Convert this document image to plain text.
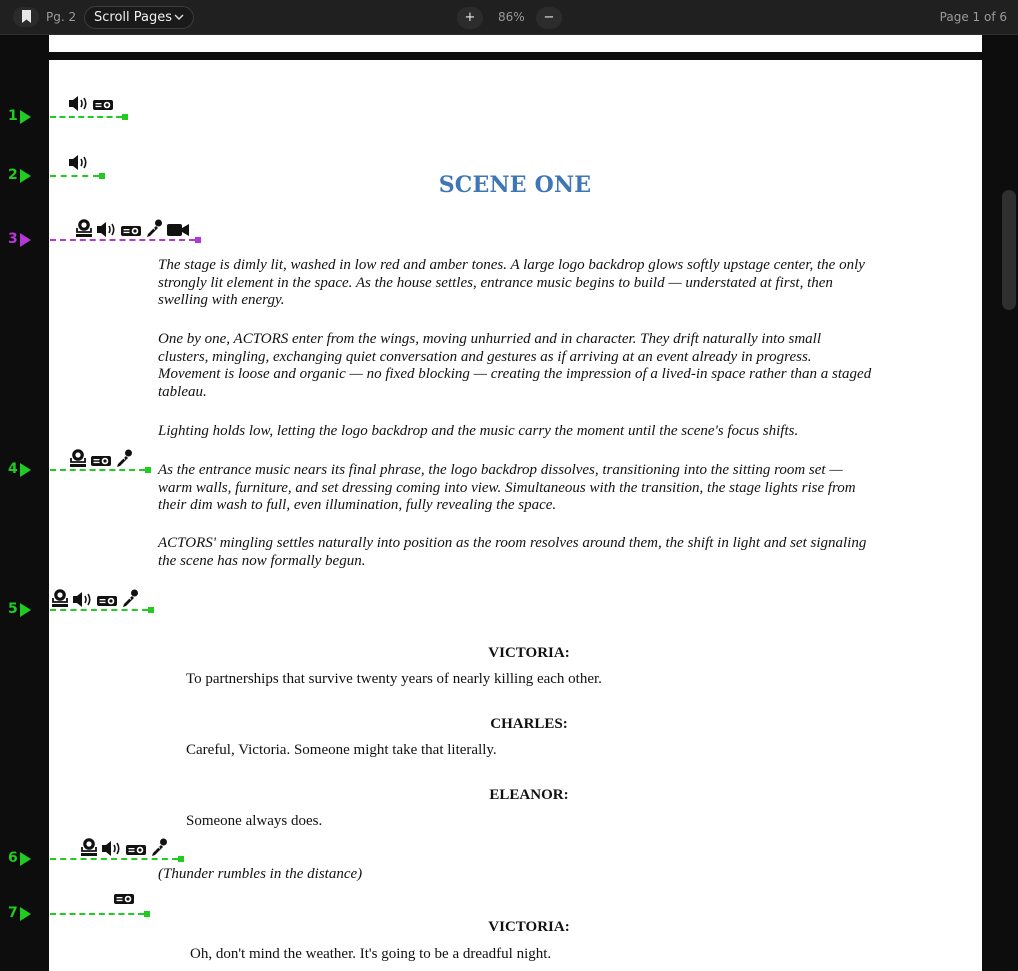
Pg. 2 Scroll Pages	+	86%	−	Page 1 of 6
1
2
3
4
5
6
7
SCENE ONE

The stage is dimly lit, washed in low red and amber tones. A large logo backdrop glows softly upstage center, the only strongly lit element in the space. As the house settles, entrance music begins to build — understated at first, then swelling with energy.

One by one, ACTORS enter from the wings, moving unhurried and in character. They drift naturally into small clusters, mingling, exchanging quiet conversation and gestures as if arriving at an event already in progress. Movement is loose and organic — no fixed blocking — creating the impression of a lived-in space rather than a staged tableau.

Lighting holds low, letting the logo backdrop and the music carry the moment until the scene's focus shifts.

As the entrance music nears its final phrase, the logo backdrop dissolves, transitioning into the sitting room set — warm walls, furniture, and set dressing coming into view. Simultaneous with the transition, the stage lights rise from their dim wash to full, even illumination, fully revealing the space.

ACTORS' mingling settles naturally into position as the room resolves around them, the shift in light and set signaling the scene has now formally begun.

VICTORIA:
To partnerships that survive twenty years of nearly killing each other.
CHARLES:
Careful, Victoria. Someone might take that literally.
ELEANOR:
Someone always does.
(Thunder rumbles in the distance)
VICTORIA:
Oh, don't mind the weather. It's going to be a dreadful night.
